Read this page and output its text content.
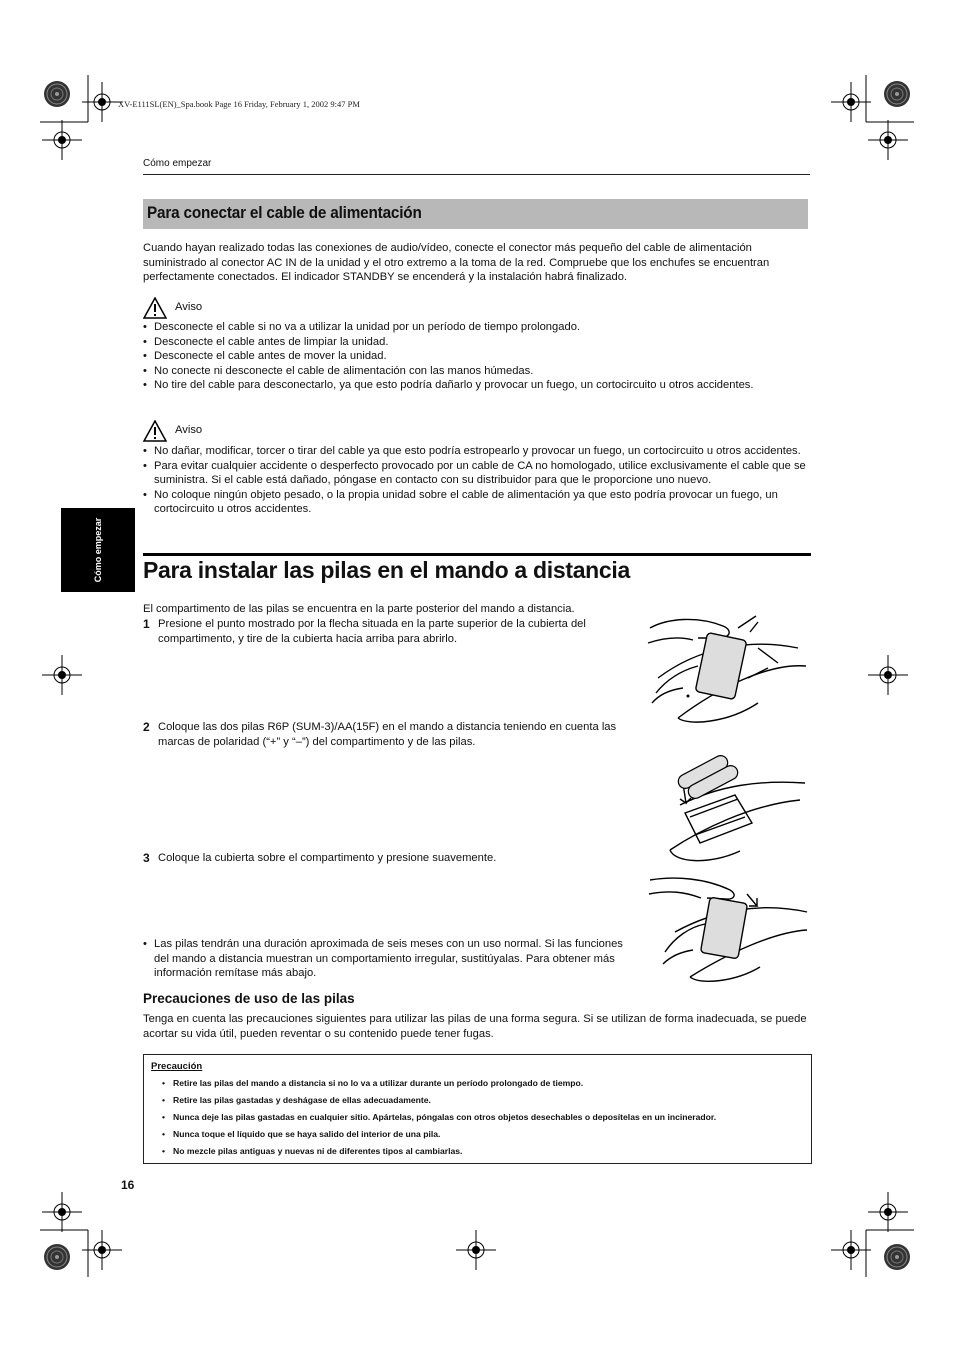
XV-E111SL(EN)_Spa.book Page 16 Friday, February 1, 2002 9:47 PM
Cómo empezar
Cómo empezar
Para conectar el cable de alimentación
Cuando hayan realizado todas las conexiones de audio/vídeo, conecte el conector más pequeño del cable de alimentación suministrado al conector AC IN de la unidad y el otro extremo a la toma de la red. Compruebe que los enchufes se encuentran perfectamente conectados. El indicador STANDBY se encenderá y la instalación habrá finalizado.
Aviso
• Desconecte el cable si no va a utilizar la unidad por un período de tiempo prolongado.
• Desconecte el cable antes de limpiar la unidad.
• Desconecte el cable antes de mover la unidad.
• No conecte ni desconecte el cable de alimentación con las manos húmedas.
• No tire del cable para desconectarlo, ya que esto podría dañarlo y provocar un fuego, un cortocircuito u otros accidentes.
Aviso
• No dañar, modificar, torcer o tirar del cable ya que esto podría estropearlo y provocar un fuego, un cortocircuito u otros accidentes.
• Para evitar cualquier accidente o desperfecto provocado por un cable de CA no homologado, utilice exclusivamente el cable que se suministra. Si el cable está dañado, póngase en contacto con su distribuidor para que le proporcione uno nuevo.
• No coloque ningún objeto pesado, o la propia unidad sobre el cable de alimentación ya que esto podría provocar un fuego, un cortocircuito u otros accidentes.
Para instalar las pilas en el mando a distancia
El compartimento de las pilas se encuentra en la parte posterior del mando a distancia.
1 Presione el punto mostrado por la flecha situada en la parte superior de la cubierta del compartimento, y tire de la cubierta hacia arriba para abrirlo.
2 Coloque las dos pilas R6P (SUM-3)/AA(15F) en el mando a distancia teniendo en cuenta las marcas de polaridad (“+” y “–”) del compartimento y de las pilas.
3 Coloque la cubierta sobre el compartimento y presione suavemente.
• Las pilas tendrán una duración aproximada de seis meses con un uso normal. Si las funciones del mando a distancia muestran un comportamiento irregular, sustitúyalas. Para obtener más información remítase más abajo.
Precauciones de uso de las pilas
Tenga en cuenta las precauciones siguientes para utilizar las pilas de una forma segura. Si se utilizan de forma inadecuada, se puede acortar su vida útil, pueden reventar o su contenido puede tener fugas.
Precaución
• Retire las pilas del mando a distancia si no lo va a utilizar durante un período prolongado de tiempo.
• Retire las pilas gastadas y deshágase de ellas adecuadamente.
• Nunca deje las pilas gastadas en cualquier sitio. Apártelas, póngalas con otros objetos desechables o deposítelas en un incinerador.
• Nunca toque el líquido que se haya salido del interior de una pila.
• No mezcle pilas antiguas y nuevas ni de diferentes tipos al cambiarlas.
16
